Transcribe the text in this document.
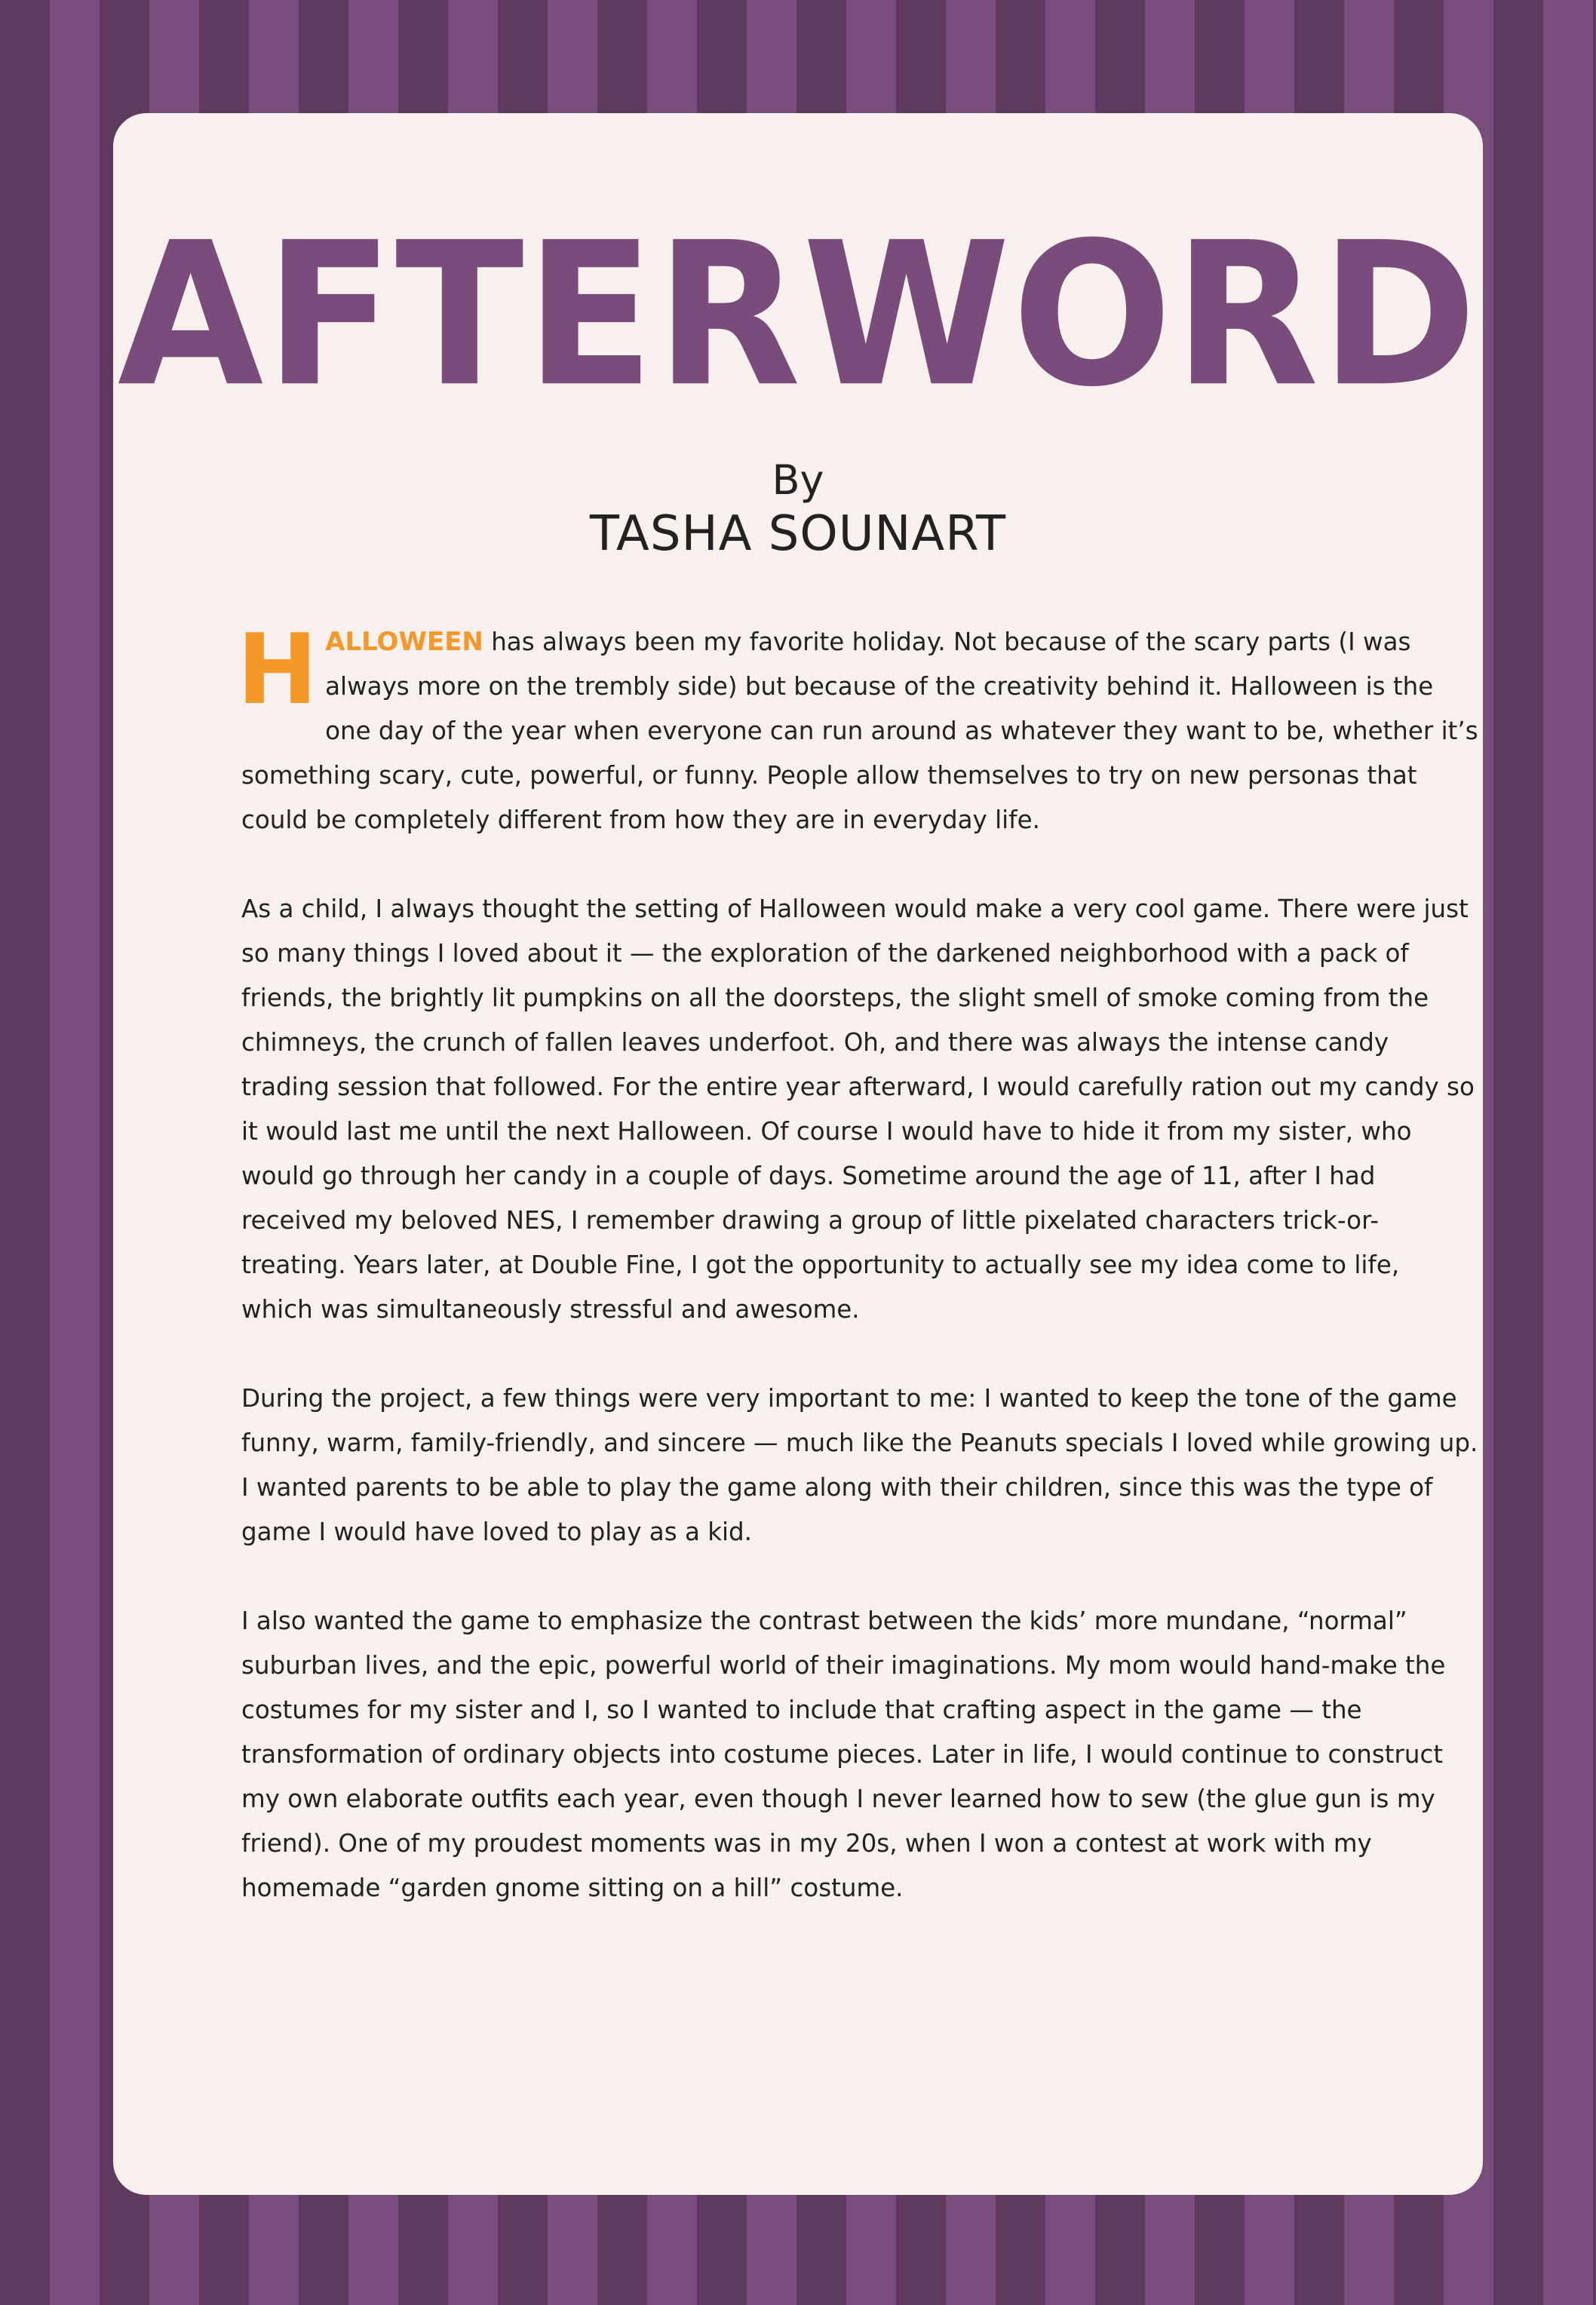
AFTERWORD
By
TASHA SOUNART

HALLOWEEN has always been my favorite holiday. Not because of the scary parts (I was always more on the trembly side) but because of the creativity behind it. Halloween is the one day of the year when everyone can run around as whatever they want to be, whether it’s something scary, cute, powerful, or funny. People allow themselves to try on new personas that could be completely different from how they are in everyday life.

As a child, I always thought the setting of Halloween would make a very cool game. There were just so many things I loved about it — the exploration of the darkened neighborhood with a pack of friends, the brightly lit pumpkins on all the doorsteps, the slight smell of smoke coming from the chimneys, the crunch of fallen leaves underfoot. Oh, and there was always the intense candy trading session that followed. For the entire year afterward, I would carefully ration out my candy so it would last me until the next Halloween. Of course I would have to hide it from my sister, who would go through her candy in a couple of days. Sometime around the age of 11, after I had received my beloved NES, I remember drawing a group of little pixelated characters trick-or-treating. Years later, at Double Fine, I got the opportunity to actually see my idea come to life, which was simultaneously stressful and awesome.

During the project, a few things were very important to me: I wanted to keep the tone of the game funny, warm, family-friendly, and sincere — much like the Peanuts specials I loved while growing up. I wanted parents to be able to play the game along with their children, since this was the type of game I would have loved to play as a kid.

I also wanted the game to emphasize the contrast between the kids’ more mundane, “normal” suburban lives, and the epic, powerful world of their imaginations. My mom would hand-make the costumes for my sister and I, so I wanted to include that crafting aspect in the game — the transformation of ordinary objects into costume pieces. Later in life, I would continue to construct my own elaborate outfits each year, even though I never learned how to sew (the glue gun is my friend). One of my proudest moments was in my 20s, when I won a contest at work with my homemade “garden gnome sitting on a hill” costume.
